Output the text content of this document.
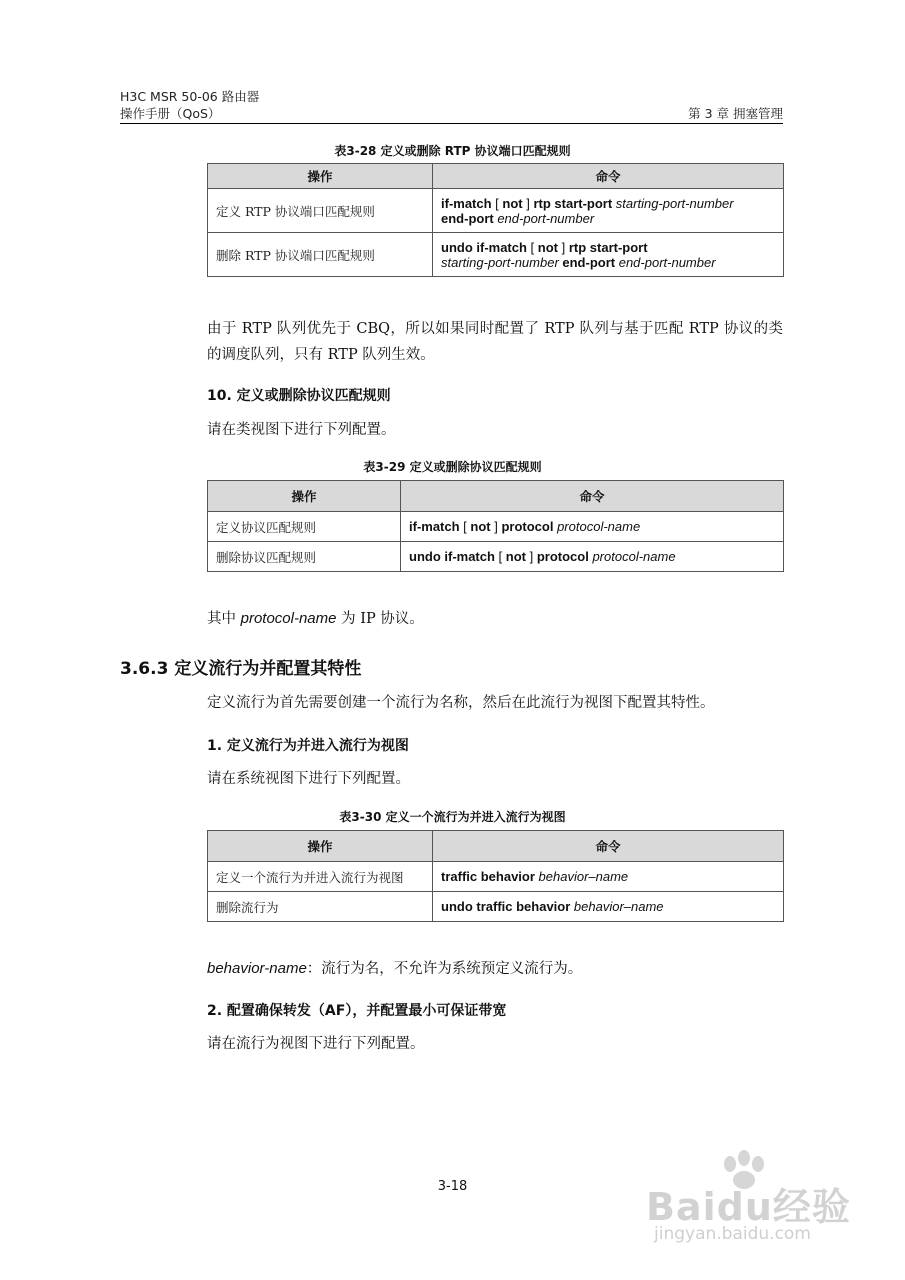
H3C MSR 50-06 路由器
操作手册（QoS）	第 3 章 拥塞管理
表3-28 定义或删除 RTP 协议端口匹配规则
操作	命令
定义 RTP 协议端口匹配规则	if-match [ not ] rtp start-port starting-port-number
end-port end-port-number
删除 RTP 协议端口匹配规则	undo if-match [ not ] rtp start-port
starting-port-number end-port end-port-number
由于 RTP 队列优先于 CBQ，所以如果同时配置了 RTP 队列与基于匹配 RTP 协议的类的调度队列，只有 RTP 队列生效。
10. 定义或删除协议匹配规则
请在类视图下进行下列配置。
表3-29 定义或删除协议匹配规则
操作	命令
定义协议匹配规则	if-match [ not ] protocol protocol-name
删除协议匹配规则	undo if-match [ not ] protocol protocol-name
其中 protocol-name 为 IP 协议。
3.6.3 定义流行为并配置其特性
定义流行为首先需要创建一个流行为名称，然后在此流行为视图下配置其特性。
1. 定义流行为并进入流行为视图
请在系统视图下进行下列配置。
表3-30 定义一个流行为并进入流行为视图
操作	命令
定义一个流行为并进入流行为视图	traffic behavior behavior–name
删除流行为	undo traffic behavior behavior–name
behavior-name：流行为名，不允许为系统预定义流行为。
2. 配置确保转发（AF），并配置最小可保证带宽
请在流行为视图下进行下列配置。
3-18	Baidu经验
jingyan.baidu.com
